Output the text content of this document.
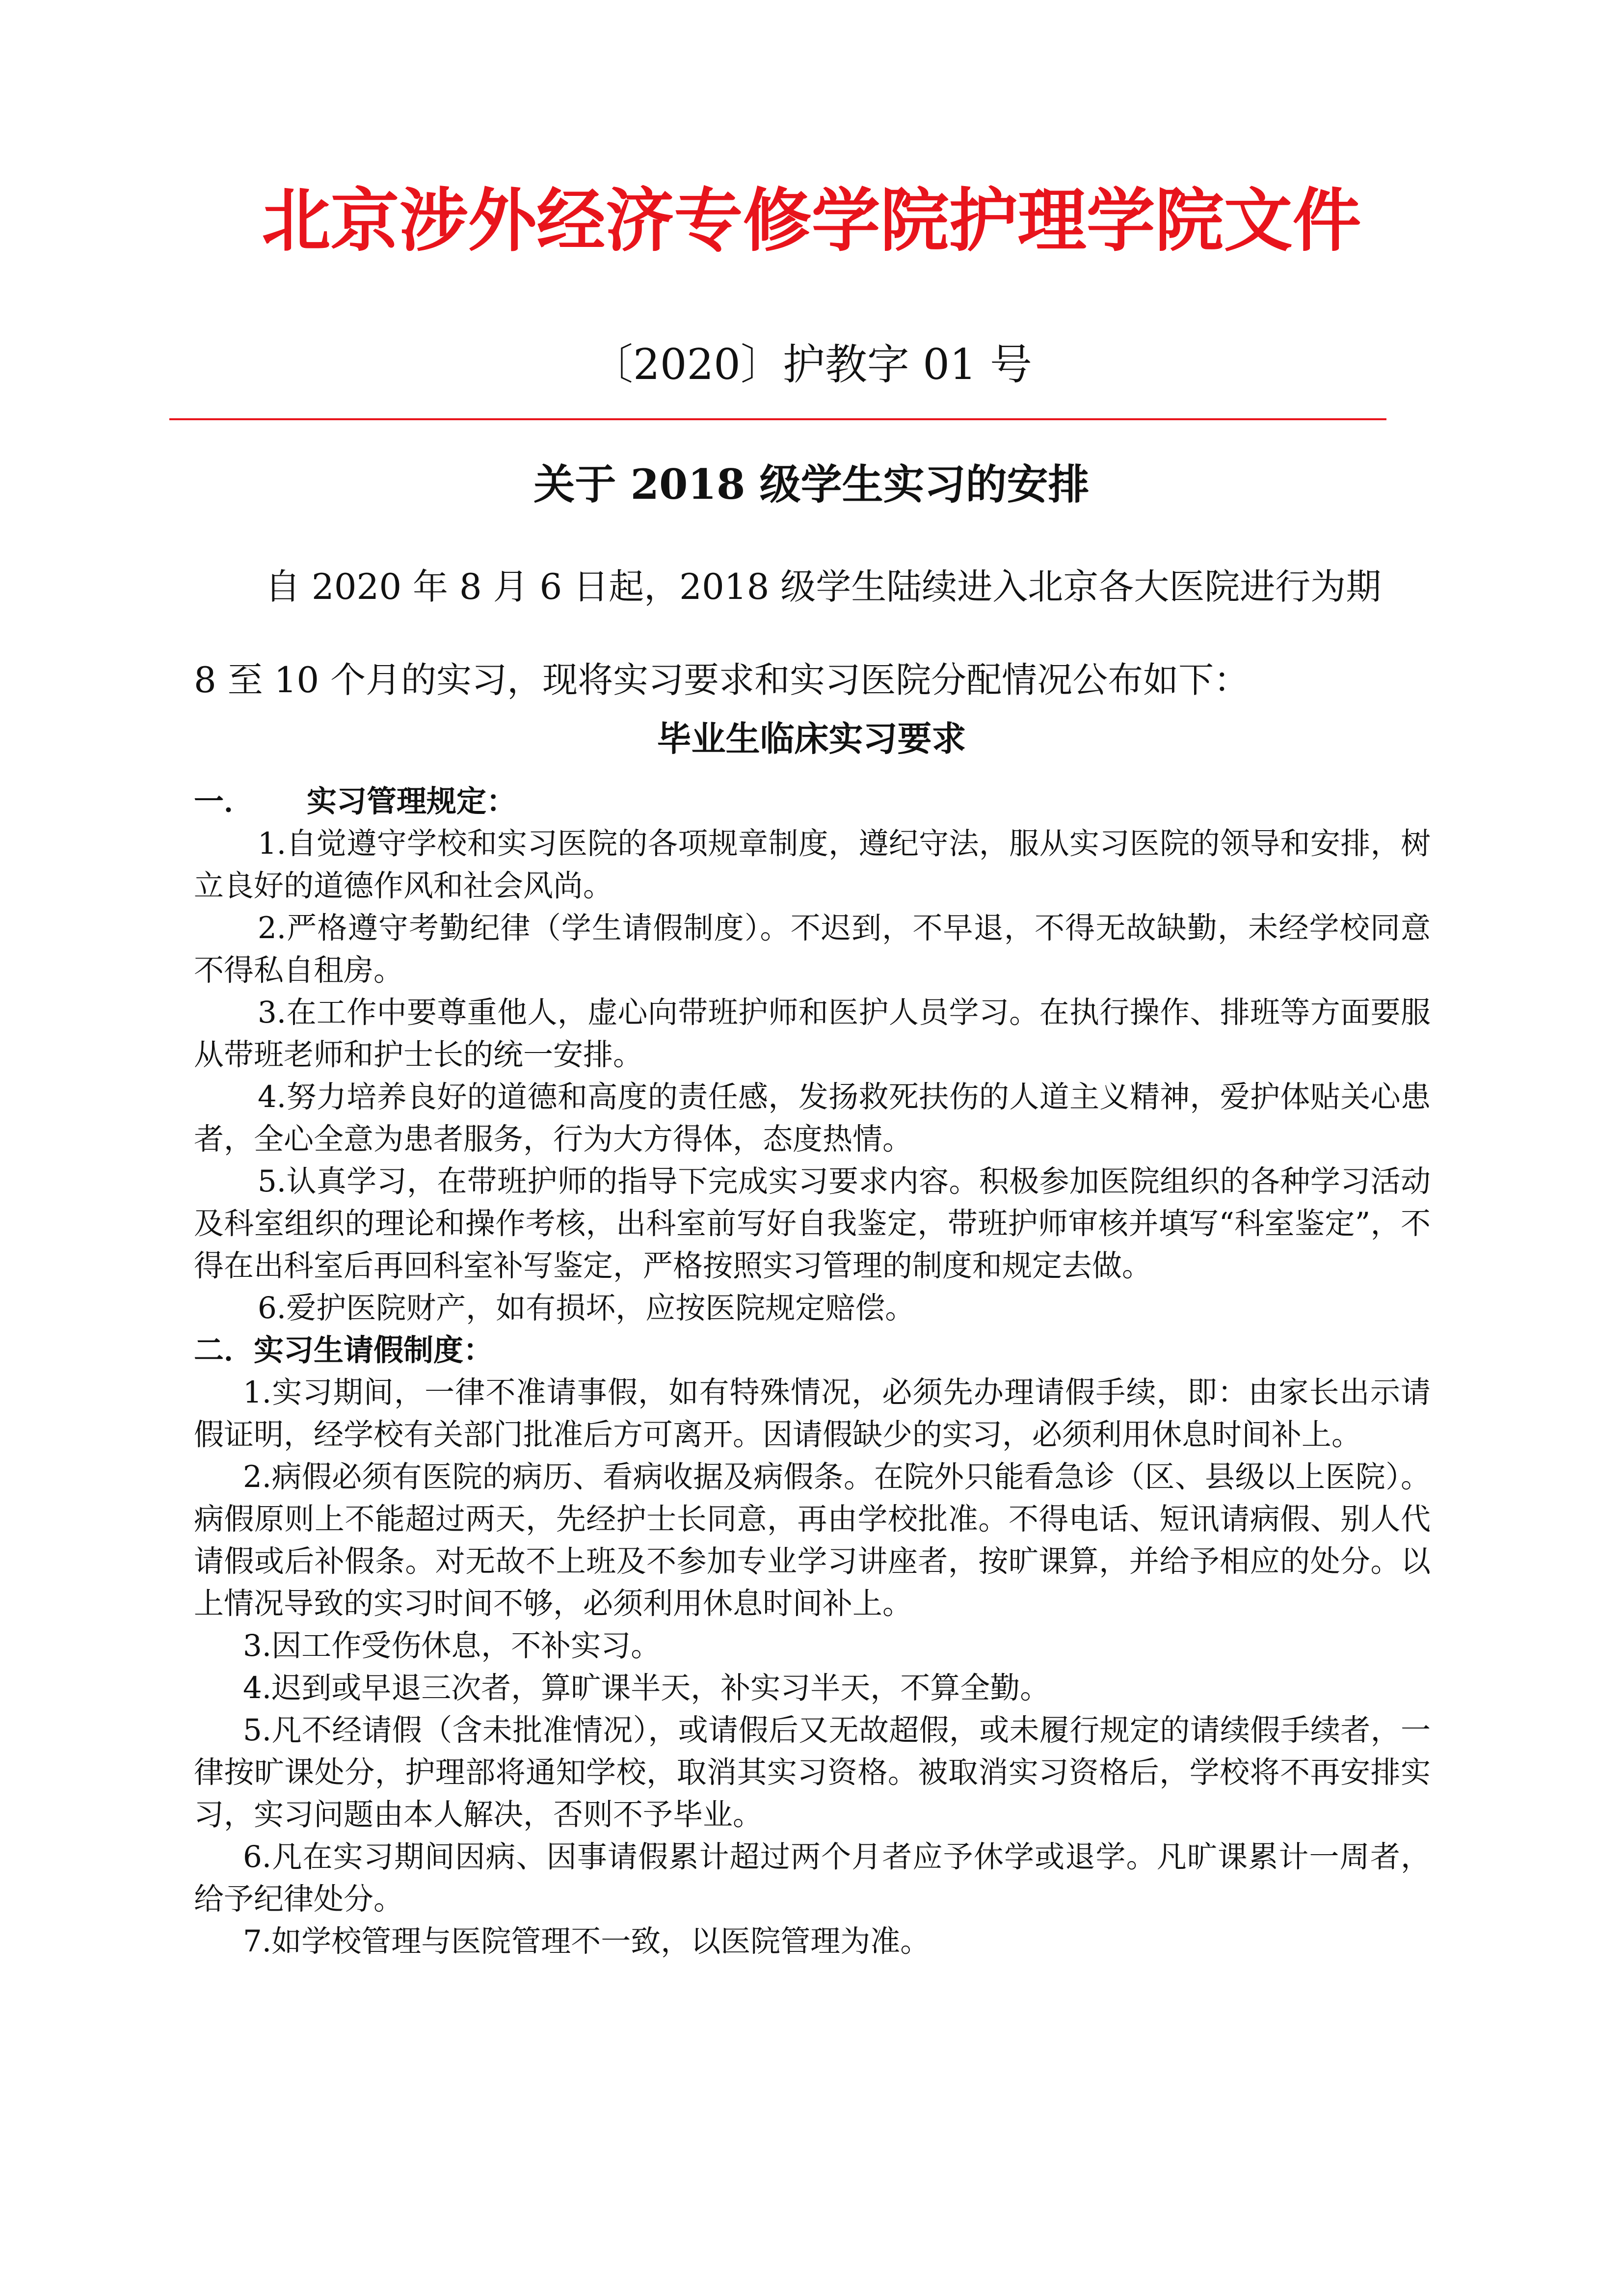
北京涉外经济专修学院护理学院文件
〔2020〕护教字 01 号
关于 2018 级学生实习的安排
自 2020 年 8 月 6 日起，2018 级学生陆续进入北京各大医院进行为期
8 至 10 个月的实习，现将实习要求和实习医院分配情况公布如下：
毕业生临床实习要求

一． 实习管理规定：

1.自觉遵守学校和实习医院的各项规章制度，遵纪守法，服从实习医院的领导和安排，树立良好的道德作风和社会风尚。

2.严格遵守考勤纪律（学生请假制度）。不迟到，不早退，不得无故缺勤，未经学校同意不得私自租房。

3.在工作中要尊重他人，虚心向带班护师和医护人员学习。在执行操作、排班等方面要服从带班老师和护士长的统一安排。

4.努力培养良好的道德和高度的责任感，发扬救死扶伤的人道主义精神，爱护体贴关心患者，全心全意为患者服务，行为大方得体，态度热情。

5.认真学习，在带班护师的指导下完成实习要求内容。积极参加医院组织的各种学习活动及科室组织的理论和操作考核，出科室前写好自我鉴定，带班护师审核并填写“科室鉴定”，不得在出科室后再回科室补写鉴定，严格按照实习管理的制度和规定去做。

6.爱护医院财产，如有损坏，应按医院规定赔偿。

二．实习生请假制度：

1.实习期间，一律不准请事假，如有特殊情况，必须先办理请假手续，即：由家长出示请假证明，经学校有关部门批准后方可离开。因请假缺少的实习，必须利用休息时间补上。

2.病假必须有医院的病历、看病收据及病假条。在院外只能看急诊（区、县级以上医院）。病假原则上不能超过两天，先经护士长同意，再由学校批准。不得电话、短讯请病假、别人代请假或后补假条。对无故不上班及不参加专业学习讲座者，按旷课算，并给予相应的处分。以上情况导致的实习时间不够，必须利用休息时间补上。

3.因工作受伤休息，不补实习。

4.迟到或早退三次者，算旷课半天，补实习半天，不算全勤。

5.凡不经请假（含未批准情况），或请假后又无故超假，或未履行规定的请续假手续者，一律按旷课处分，护理部将通知学校，取消其实习资格。被取消实习资格后，学校将不再安排实习，实习问题由本人解决，否则不予毕业。

6.凡在实习期间因病、因事请假累计超过两个月者应予休学或退学。凡旷课累计一周者，给予纪律处分。

7.如学校管理与医院管理不一致，以医院管理为准。
